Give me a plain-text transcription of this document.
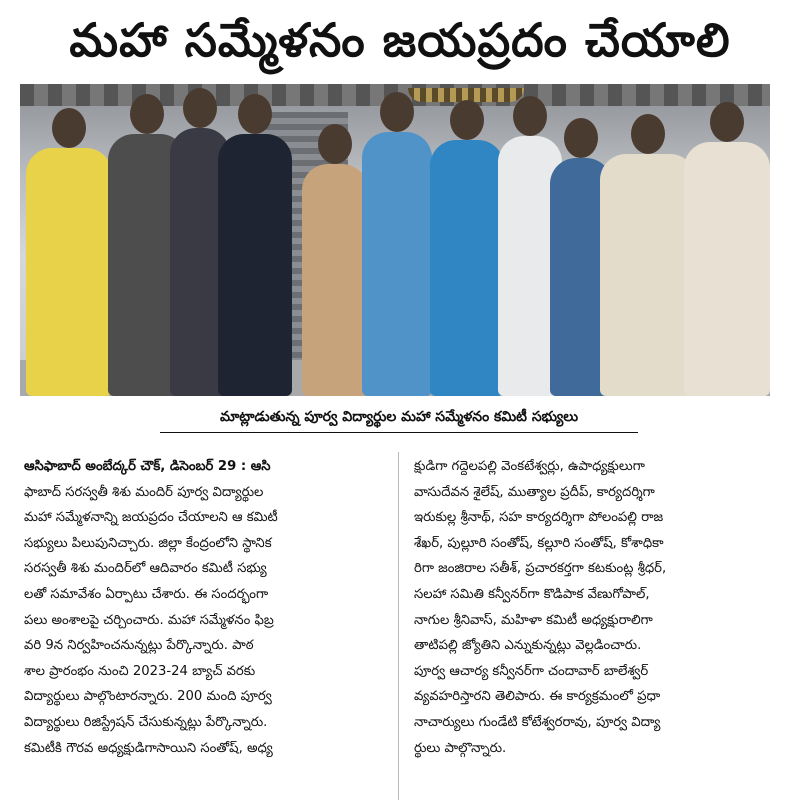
మహా సమ్మేళనం జయప్రదం చేయాలి
మాట్లాడుతున్న పూర్వ విద్యార్థుల మహా సమ్మేళనం కమిటీ సభ్యులు
ఆసిఫాబాద్ అంబేద్కర్ చౌక్, డిసెంబర్ 29 : ఆసి
ఫాబాద్ సరస్వతీ శిశు మందిర్ పూర్వ విద్యార్థుల
మహా సమ్మేళనాన్ని జయప్రదం చేయాలని ఆ కమిటీ
సభ్యులు పిలుపునిచ్చారు. జిల్లా కేంద్రంలోని స్థానిక
సరస్వతీ శిశు మందిర్‌లో ఆదివారం కమిటీ సభ్యు
లతో సమావేశం ఏర్పాటు చేశారు. ఈ సందర్భంగా
పలు అంశాలపై చర్చించారు. మహా సమ్మేళనం ఫిబ్ర
వరి 9న నిర్వహించనున్నట్లు పేర్కొన్నారు. పాఠ
శాల ప్రారంభం నుంచి 2023-24 బ్యాచ్ వరకు
విద్యార్థులు పాల్గొంటారన్నారు. 200 మంది పూర్వ
విద్యార్థులు రిజిస్ట్రేషన్ చేసుకున్నట్లు పేర్కొన్నారు.
కమిటీకి గౌరవ అధ్యక్షుడిగాసాయిని సంతోష్, అధ్య
క్షుడిగా గద్దెలపల్లి వెంకటేశ్వర్లు, ఉపాధ్యక్షులుగా
వాసుదేవన శైలేష్, ముత్యాల ప్రదీప్, కార్యదర్శిగా
ఇరుకుల్ల శ్రీనాథ్, సహ కార్యదర్శిగా పోలంపల్లి రాజ
శేఖర్, పుల్లూరి సంతోష్, కల్లూరి సంతోష్, కోశాధికా
రిగా జంజిరాల సతీశ్, ప్రచారకర్తగా కటకుంట్ల శ్రీధర్,
సలహా సమితి కన్వీనర్‌గా కొడిపాక వేణుగోపాల్,
నాగుల శ్రీనివాస్, మహిళా కమిటీ అధ్యక్షురాలిగా
తాటిపల్లి జ్యోతిని ఎన్నుకున్నట్లు వెల్లడించారు.
పూర్వ ఆచార్య కన్వీనర్‌గా చందావార్ బాలేశ్వర్
వ్యవహరిస్తారని తెలిపారు. ఈ కార్యక్రమంలో ప్రధా
నాచార్యులు గుండేటి కోటేశ్వరరావు, పూర్వ విద్యా
ర్థులు పాల్గొన్నారు.
